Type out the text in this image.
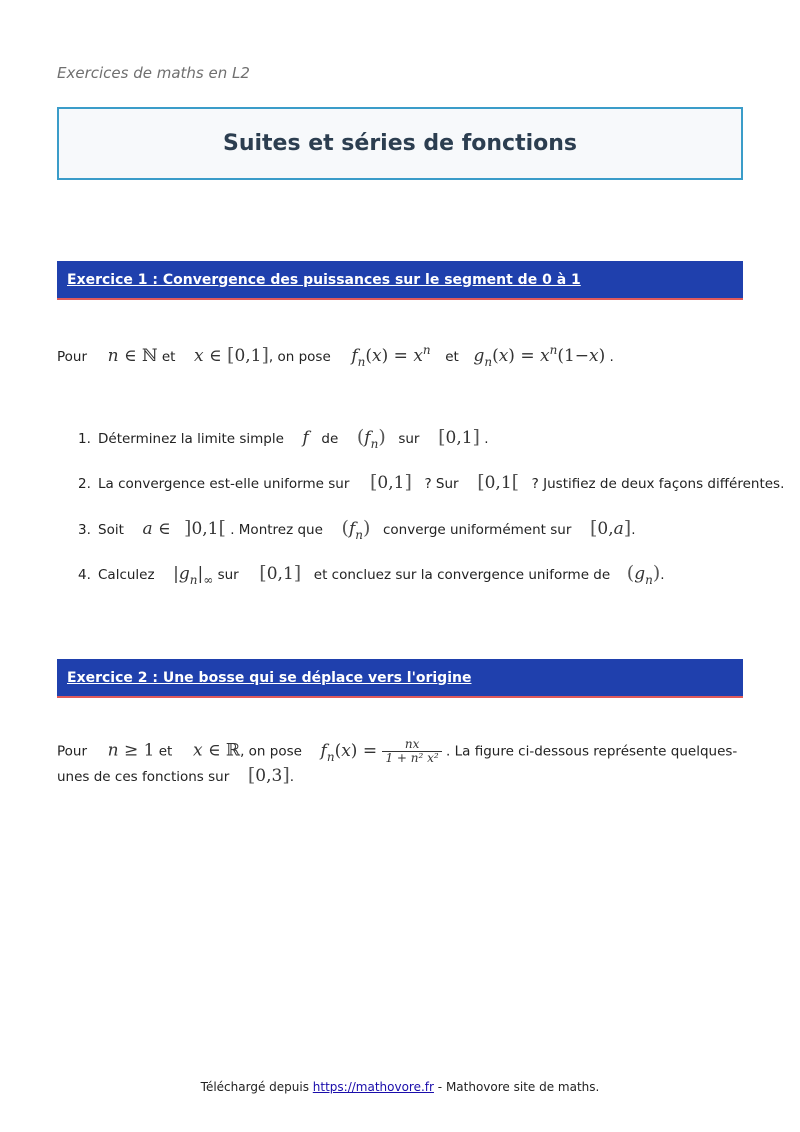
Exercices de maths en L2
Suites et séries de fonctions
Exercice 1 : Convergence des puissances sur le segment de 0 à 1
Pour n ∈ ℕ et x ∈ [0,1], on pose $f_n(x) = x^n$ et $g_n(x) = x^n(1-x)$ .
1. Déterminez la limite simple f de $(f_n)$ sur [0,1] .
2. La convergence est-elle uniforme sur [0,1] ? Sur [0,1[ ? Justifiez de deux façons différentes.
3. Soit a ∈ ]0,1[ . Montrez que $(f_n)$ converge uniformément sur [0,a].
4. Calculez $|g_n|_\infty$ sur [0,1] et concluez sur la convergence uniforme de $(g_n)$.
Exercice 2 : Une bosse qui se déplace vers l'origine
Pour n ≥ 1 et x ∈ ℝ, on pose $f_n(x) = \frac{nx}{\text{1 + n² x²}}$ . La figure ci-dessous représente quelques-
unes de ces fonctions sur [0,3].
Téléchargé depuis https://mathovore.fr - Mathovore site de maths.
